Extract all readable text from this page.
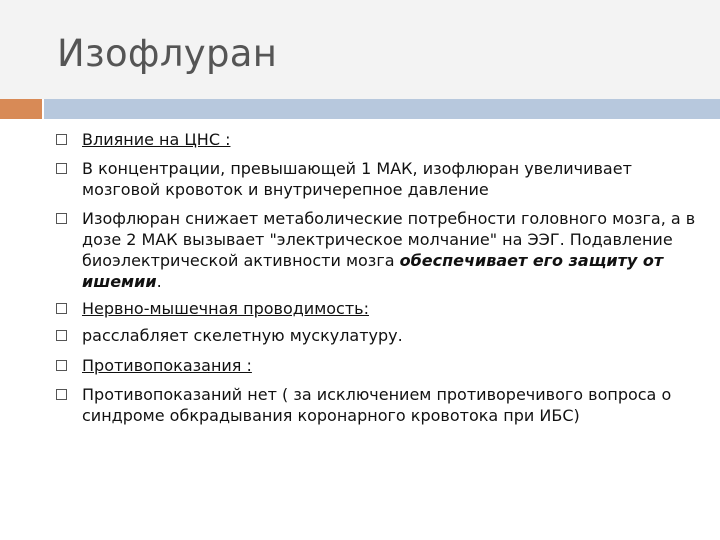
Изофлуран
Влияние на ЦНС :
В концентрации, превышающей 1 МАК, изофлюран увеличивает мозговой кровоток и внутричерепное давление
Изофлюран снижает метаболические потребности головного мозга, а в дозе 2 МАК вызывает "электрическое молчание" на ЭЭГ. Подавление биоэлектрической активности мозга обеспечивает его защиту от ишемии.
Нервно-мышечная проводимость:
расслабляет скелетную мускулатуру.
Противопоказания :
Противопоказаний нет ( за исключением противоречивого вопроса о синдроме обкрадывания коронарного кровотока при ИБС)
